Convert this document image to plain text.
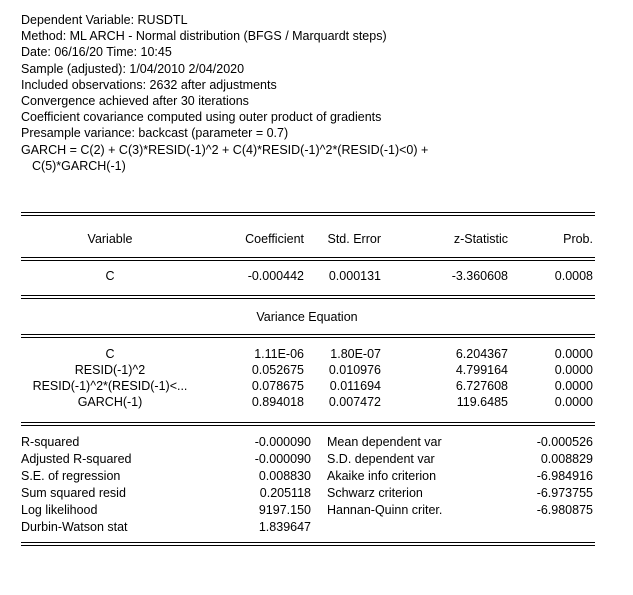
Dependent Variable: RUSDTL
Method: ML ARCH - Normal distribution (BFGS / Marquardt steps)
Date: 06/16/20 Time: 10:45
Sample (adjusted): 1/04/2010 2/04/2020
Included observations: 2632 after adjustments
Convergence achieved after 30 iterations
Coefficient covariance computed using outer product of gradients
Presample variance: backcast (parameter = 0.7)
GARCH = C(2) + C(3)*RESID(-1)^2 + C(4)*RESID(-1)^2*(RESID(-1)<0) +
C(5)*GARCH(-1)
Variable	Coefficient	Std. Error	z-Statistic	Prob.
C	-0.000442	0.000131	-3.360608	0.0008
Variance Equation
C	1.11E-06	1.80E-07	6.204367	0.0000
RESID(-1)^2	0.052675	0.010976	4.799164	0.0000
RESID(-1)^2*(RESID(-1)<...	0.078675	0.011694	6.727608	0.0000
GARCH(-1)	0.894018	0.007472	119.6485	0.0000
R-squared	-0.000090 Mean dependent var	-0.000526
Adjusted R-squared	-0.000090 S.D. dependent var	0.008829
S.E. of regression	0.008830 Akaike info criterion	-6.984916
Sum squared resid	0.205118 Schwarz criterion	-6.973755
Log likelihood	9197.150 Hannan-Quinn criter.	-6.980875
Durbin-Watson stat	1.839647
